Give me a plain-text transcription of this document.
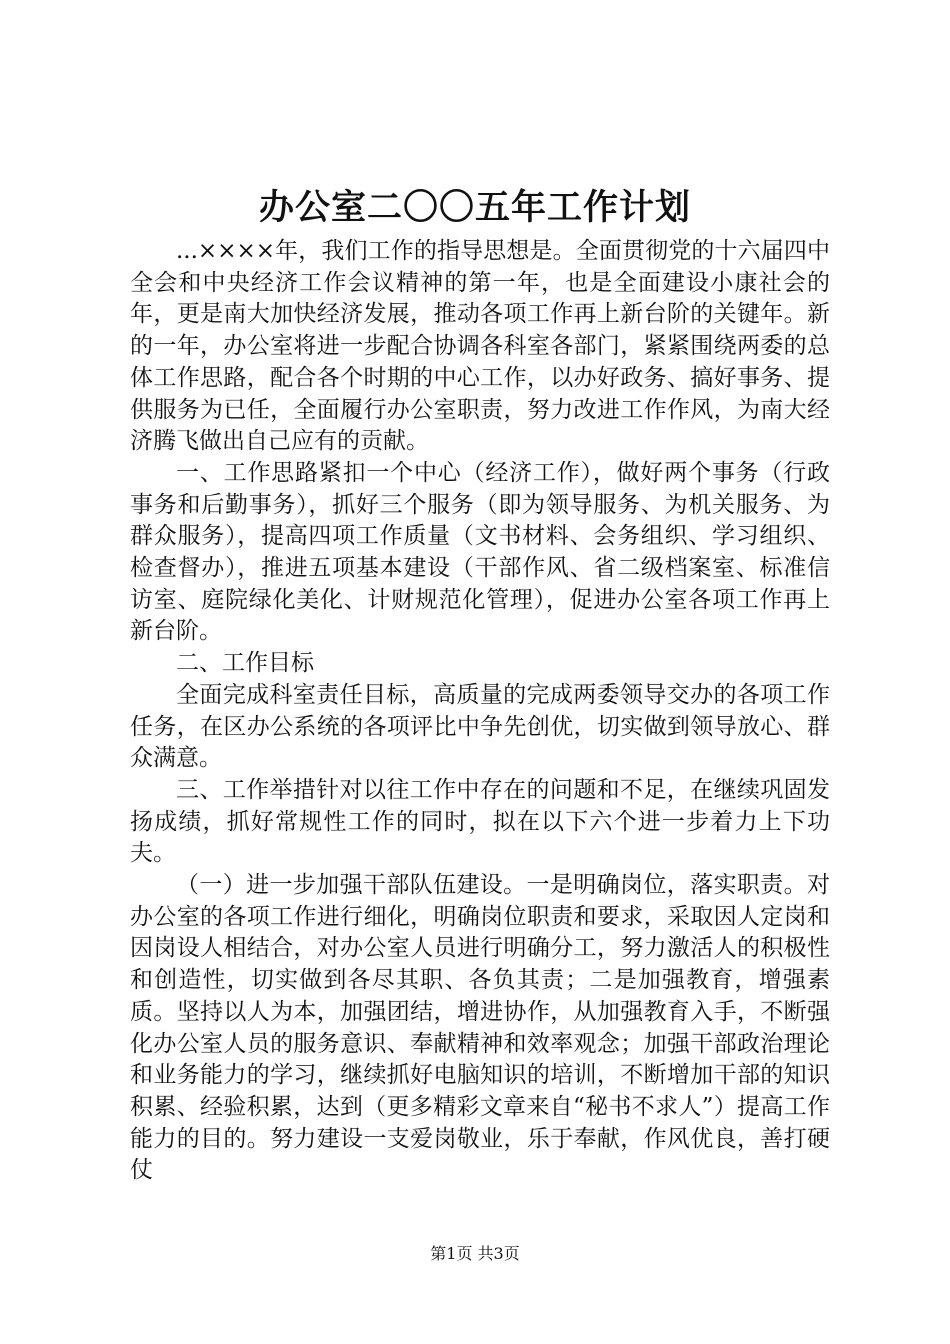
办公室二〇〇五年工作计划

...××××年，我们工作的指导思想是。全面贯彻党的十六届四中全会和中央经济工作会议精神的第一年，也是全面建设小康社会的年，更是南大加快经济发展，推动各项工作再上新台阶的关键年。新的一年，办公室将进一步配合协调各科室各部门，紧紧围绕两委的总体工作思路，配合各个时期的中心工作，以办好政务、搞好事务、提供服务为已任，全面履行办公室职责，努力改进工作作风，为南大经济腾飞做出自己应有的贡献。

一、工作思路紧扣一个中心（经济工作），做好两个事务（行政事务和后勤事务），抓好三个服务（即为领导服务、为机关服务、为群众服务），提高四项工作质量（文书材料、会务组织、学习组织、检查督办），推进五项基本建设（干部作风、省二级档案室、标准信访室、庭院绿化美化、计财规范化管理），促进办公室各项工作再上新台阶。

二、工作目标

全面完成科室责任目标，高质量的完成两委领导交办的各项工作任务，在区办公系统的各项评比中争先创优，切实做到领导放心、群众满意。

三、工作举措针对以往工作中存在的问题和不足，在继续巩固发扬成绩，抓好常规性工作的同时，拟在以下六个进一步着力上下功夫。

（一）进一步加强干部队伍建设。一是明确岗位，落实职责。对办公室的各项工作进行细化，明确岗位职责和要求，采取因人定岗和因岗设人相结合，对办公室人员进行明确分工，努力激活人的积极性和创造性，切实做到各尽其职、各负其责；二是加强教育，增强素质。坚持以人为本，加强团结，增进协作，从加强教育入手，不断强化办公室人员的服务意识、奉献精神和效率观念；加强干部政治理论和业务能力的学习，继续抓好电脑知识的培训，不断增加干部的知识积累、经验积累，达到（更多精彩文章来自“秘书不求人”）提高工作能力的目的。努力建设一支爱岗敬业，乐于奉献，作风优良，善打硬仗

第1页 共3页
